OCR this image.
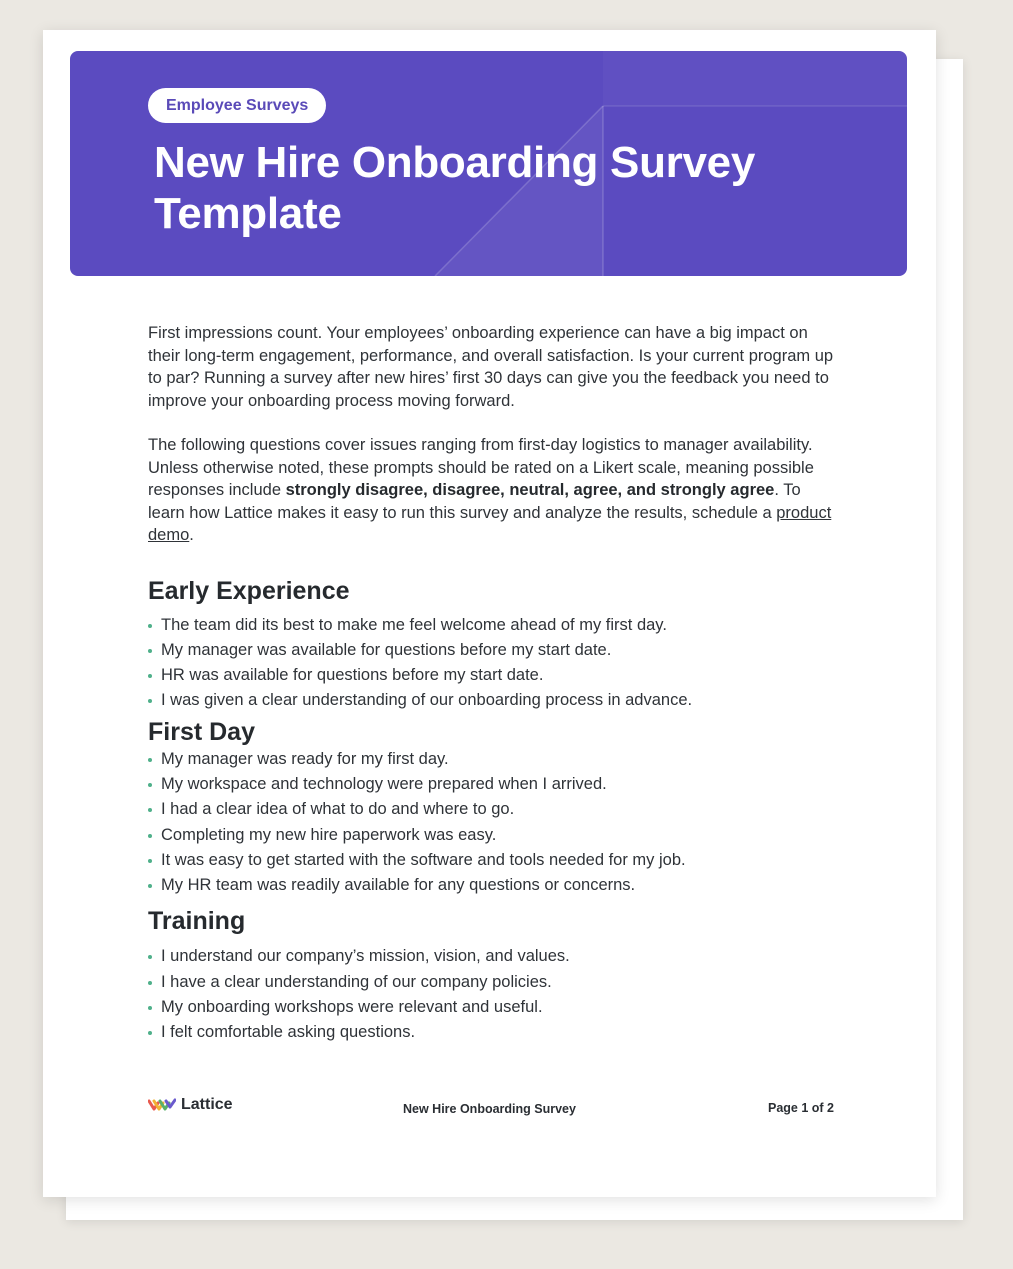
Employee Surveys
New Hire Onboarding Survey Template

First impressions count. Your employees’ onboarding experience can have a big impact on their long-term engagement, performance, and overall satisfaction. Is your current program up to par? Running a survey after new hires’ first 30 days can give you the feedback you need to improve your onboarding process moving forward.

The following questions cover issues ranging from first-day logistics to manager availability. Unless otherwise noted, these prompts should be rated on a Likert scale, meaning possible responses include strongly disagree, disagree, neutral, agree, and strongly agree. To learn how Lattice makes it easy to run this survey and analyze the results, schedule a product demo.

Early Experience
The team did its best to make me feel welcome ahead of my first day.
My manager was available for questions before my start date.
HR was available for questions before my start date.
I was given a clear understanding of our onboarding process in advance.
First Day
My manager was ready for my first day.
My workspace and technology were prepared when I arrived.
I had a clear idea of what to do and where to go.
Completing my new hire paperwork was easy.
It was easy to get started with the software and tools needed for my job.
My HR team was readily available for any questions or concerns.
Training
I understand our company’s mission, vision, and values.
I have a clear understanding of our company policies.
My onboarding workshops were relevant and useful.
I felt comfortable asking questions.
Lattice	New Hire Onboarding Survey	Page 1 of 2
